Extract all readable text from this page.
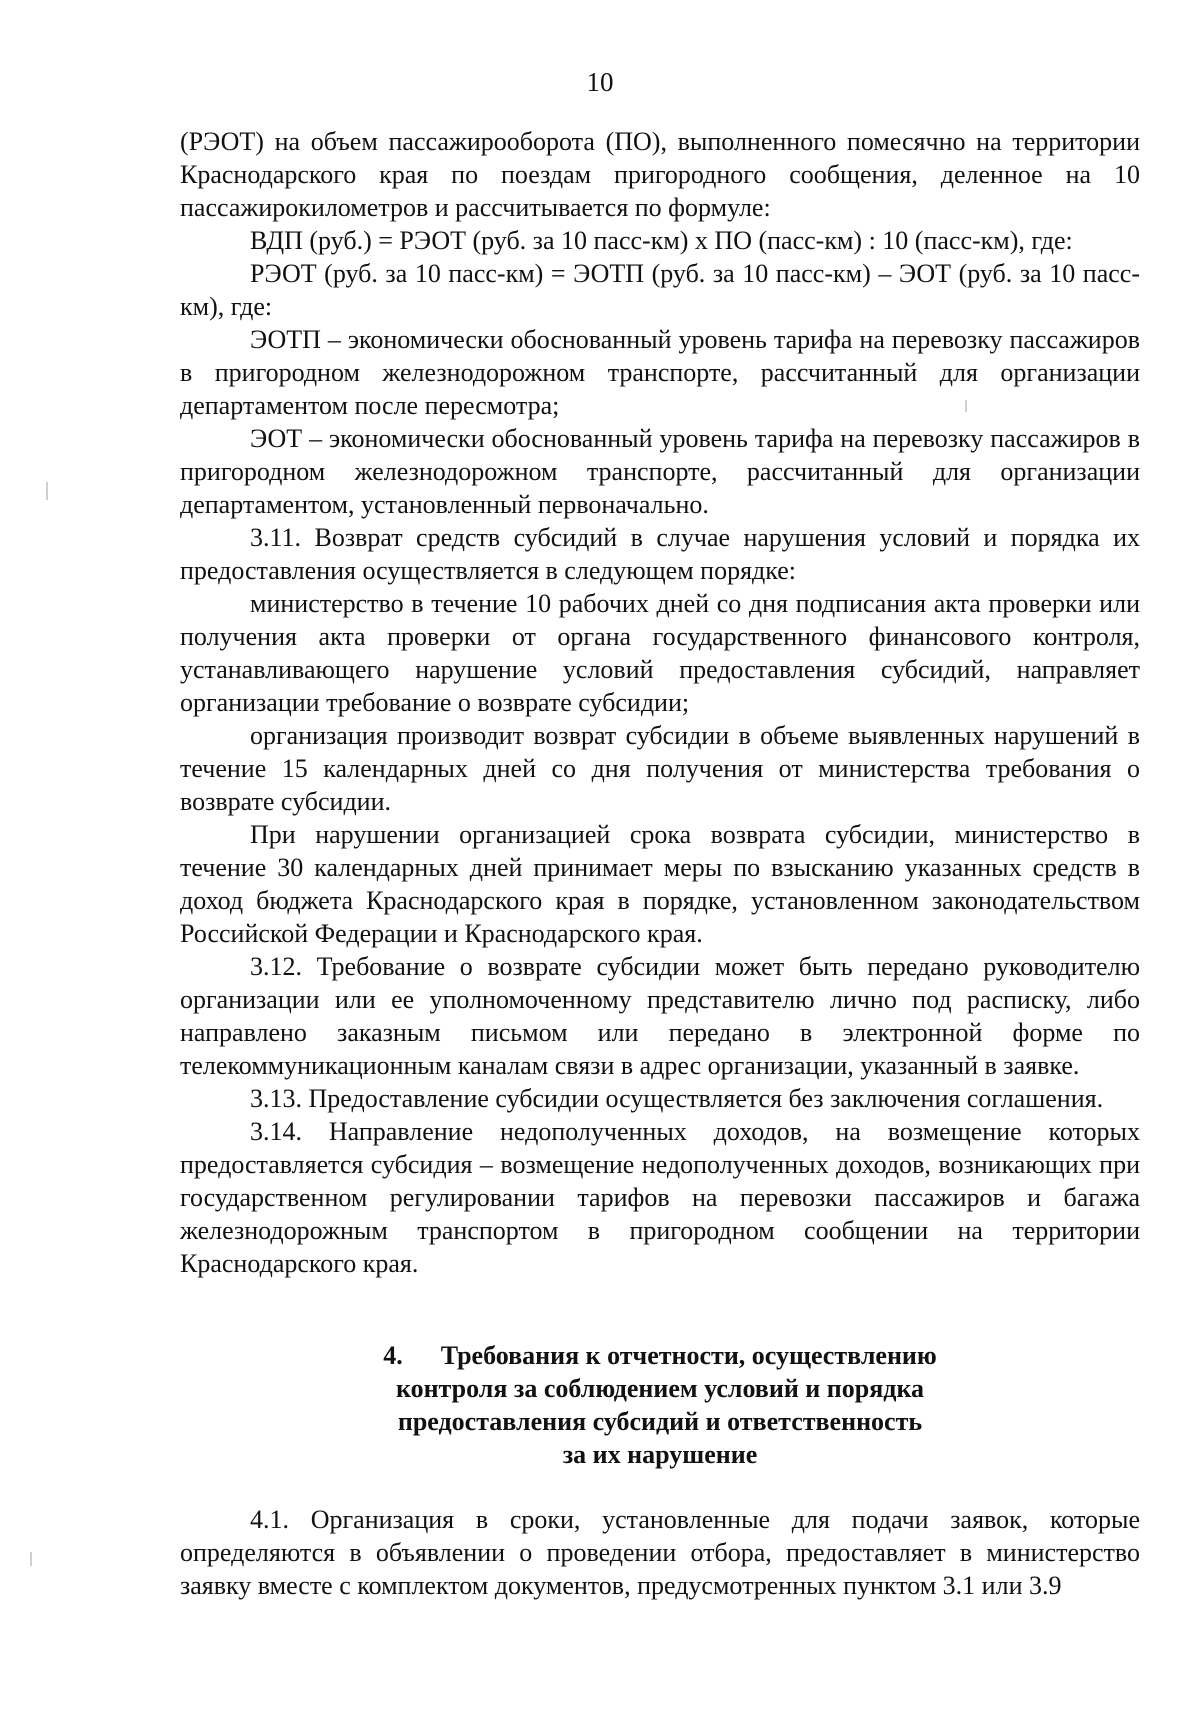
10

(РЭОТ) на объем пассажирооборота (ПО), выполненного помесячно на территории Краснодарского края по поездам пригородного сообщения, деленное на 10 пассажирокилометров и рассчитывается по формуле:

ВДП (руб.) = РЭОТ (руб. за 10 пасс-км) х ПО (пасс-км) : 10 (пасс-км), где:

РЭОТ (руб. за 10 пасс-км) = ЭОТП (руб. за 10 пасс-км) – ЭОТ (руб. за 10 пасс-км), где:

ЭОТП – экономически обоснованный уровень тарифа на перевозку пассажиров в пригородном железнодорожном транспорте, рассчитанный для организации департаментом после пересмотра;

ЭОТ – экономически обоснованный уровень тарифа на перевозку пассажиров в пригородном железнодорожном транспорте, рассчитанный для организации департаментом, установленный первоначально.

3.11. Возврат средств субсидий в случае нарушения условий и порядка их предоставления осуществляется в следующем порядке:

министерство в течение 10 рабочих дней со дня подписания акта проверки или получения акта проверки от органа государственного финансового контроля, устанавливающего нарушение условий предоставления субсидий, направляет организации требование о возврате субсидии;

организация производит возврат субсидии в объеме выявленных нарушений в течение 15 календарных дней со дня получения от министерства требования о возврате субсидии.

При нарушении организацией срока возврата субсидии, министерство в течение 30 календарных дней принимает меры по взысканию указанных средств в доход бюджета Краснодарского края в порядке, установленном законодательством Российской Федерации и Краснодарского края.

3.12. Требование о возврате субсидии может быть передано руководителю организации или ее уполномоченному представителю лично под расписку, либо направлено заказным письмом или передано в электронной форме по телекоммуникационным каналам связи в адрес организации, указанный в заявке.

3.13. Предоставление субсидии осуществляется без заключения соглашения.

3.14. Направление недополученных доходов, на возмещение которых предоставляется субсидия – возмещение недополученных доходов, возникающих при государственном регулировании тарифов на перевозки пассажиров и багажа железнодорожным транспортом в пригородном сообщении на территории Краснодарского края.

4. Требования к отчетности, осуществлению
контроля за соблюдением условий и порядка
предоставления субсидий и ответственность
за их нарушение

4.1. Организация в сроки, установленные для подачи заявок, которые определяются в объявлении о проведении отбора, предоставляет в министерство заявку вместе с комплектом документов, предусмотренных пунктом 3.1 или 3.9
